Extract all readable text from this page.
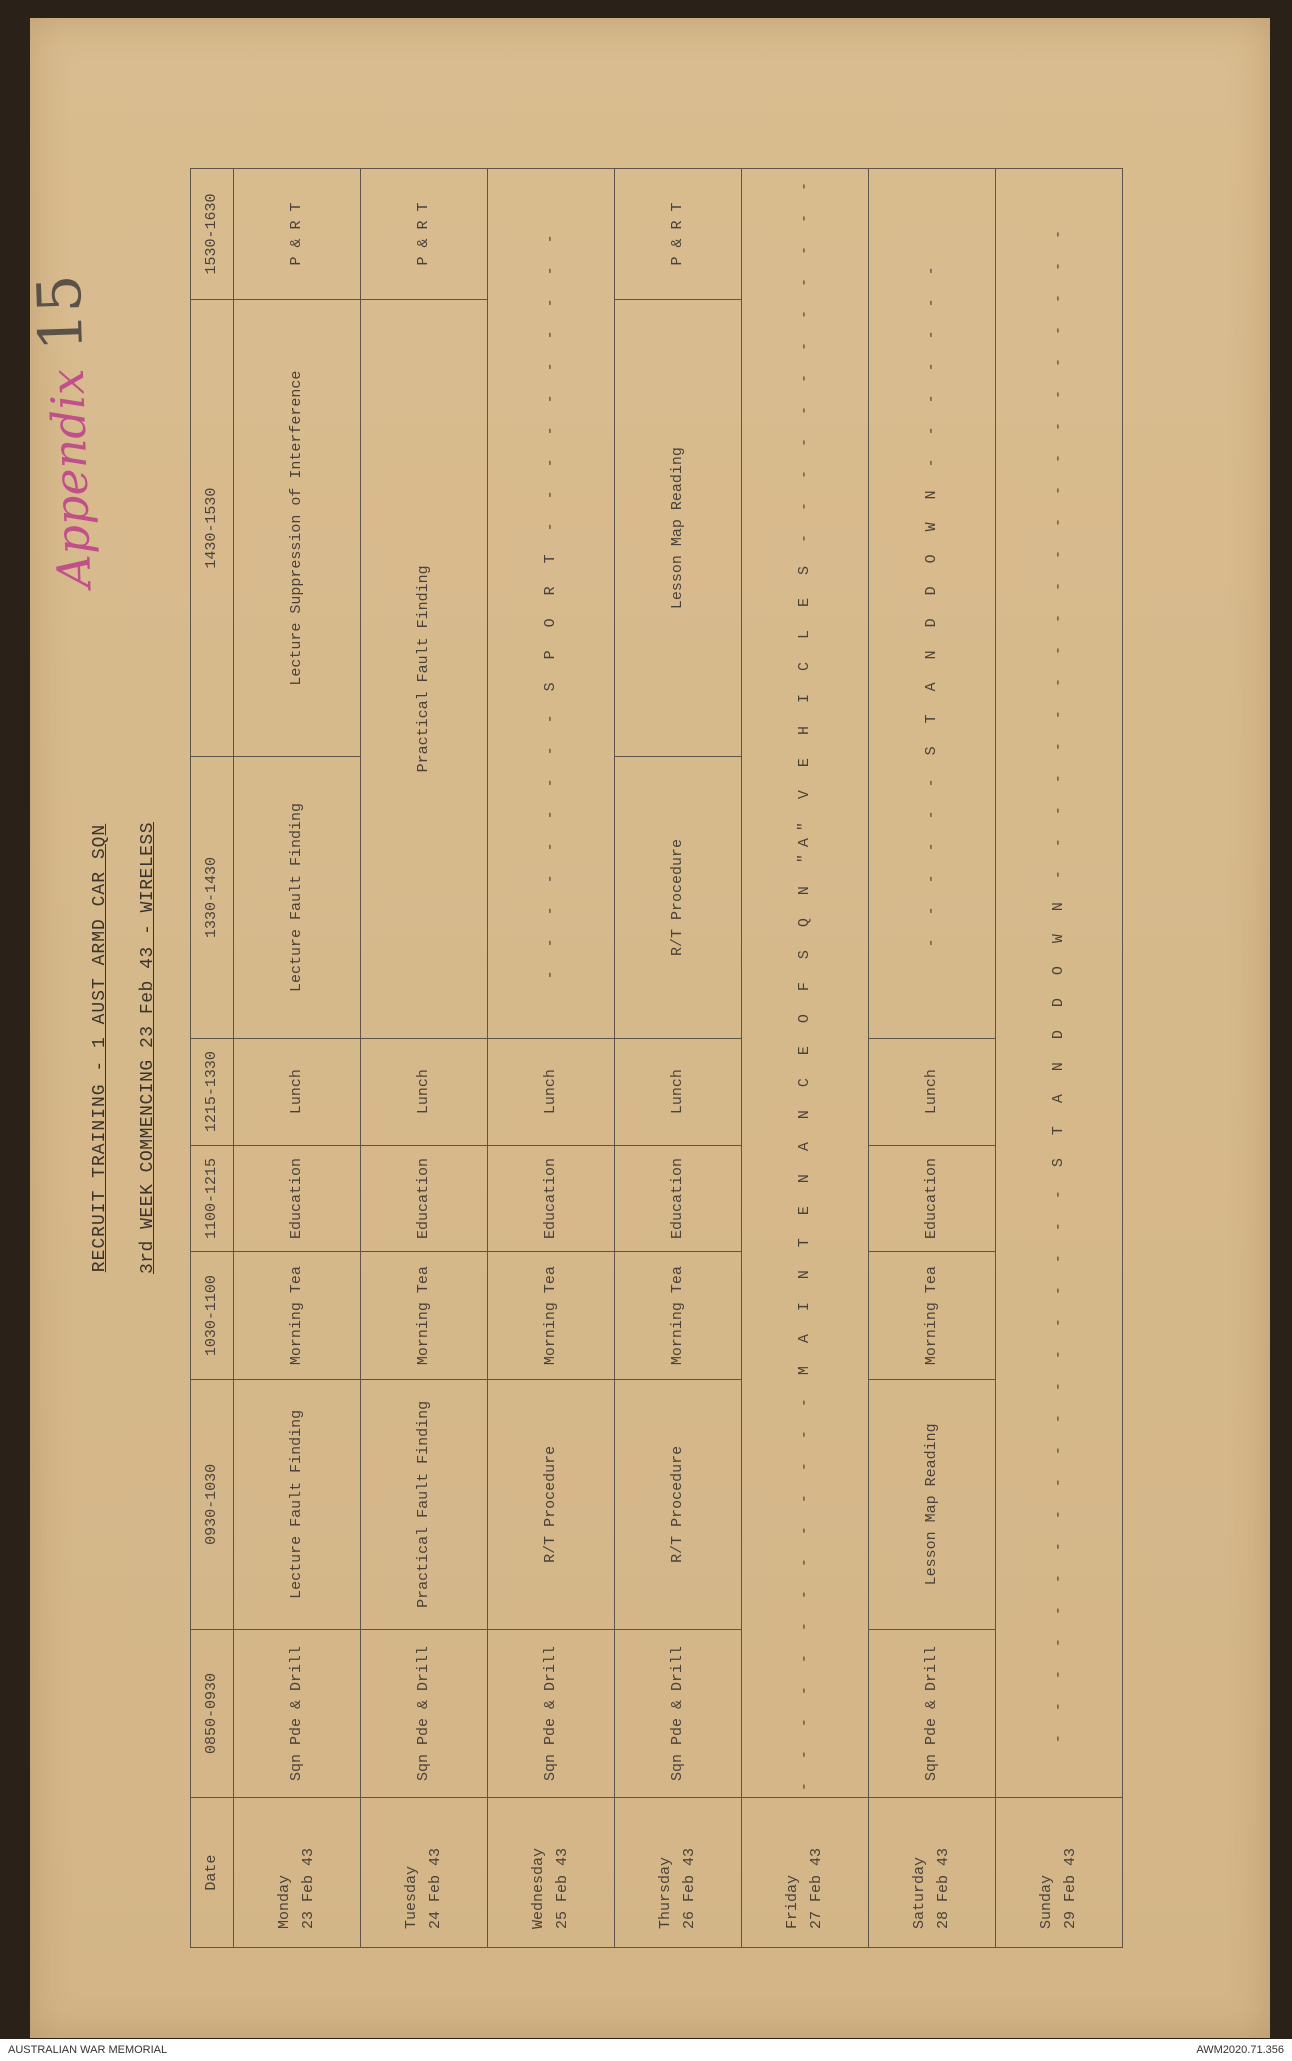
RECRUIT TRAINING - 1 AUST ARMD CAR SQN 3rd WEEK COMMENCING 23 Feb 43 - WIRELESS
Appendix15
Date	0850-0930	0930-1030	1030-1100	1100-1215	1215-1330	1330-1430	1430-1530	1530-1630

Monday 23 Feb 43	Sqn Pde & Drill	Lecture Fault Finding	Morning Tea	Education	Lunch	Lecture Fault Finding	Lecture Suppression of Interference	P & R T

Tuesday 24 Feb 43	Sqn Pde & Drill	Practical Fault Finding	Morning Tea	Education	Lunch	Practical Fault Finding		P & R T

Wednesday 25 Feb 43	Sqn Pde & Drill	R/T Procedure	Morning Tea	Education	Lunch	- - - - - - - - - S P O R T - - - - - - - - - -		

Thursday 26 Feb 43	Sqn Pde & Drill	R/T Procedure	Morning Tea	Education	Lunch	R/T Procedure	Lesson Map Reading	P & R T

Friday 27 Feb 43	- - - - - - - - - - - - - M A I N T E N A N C E O F S Q N "A" V E H I C L E S - - - - - - - - - - - -							

Saturday 28 Feb 43	Sqn Pde & Drill	Lesson Map Reading	Morning Tea	Education	Lunch	- - - - - - S T A N D D O W N - - - - - - -		

Sunday 29 Feb 43	- - - - - - - - - - - - - - - - - - S T A N D D O W N - - - - - - - - - - - - - - - - - - - - -							
AUSTRALIAN WAR MEMORIAL	AWM2020.71.356
